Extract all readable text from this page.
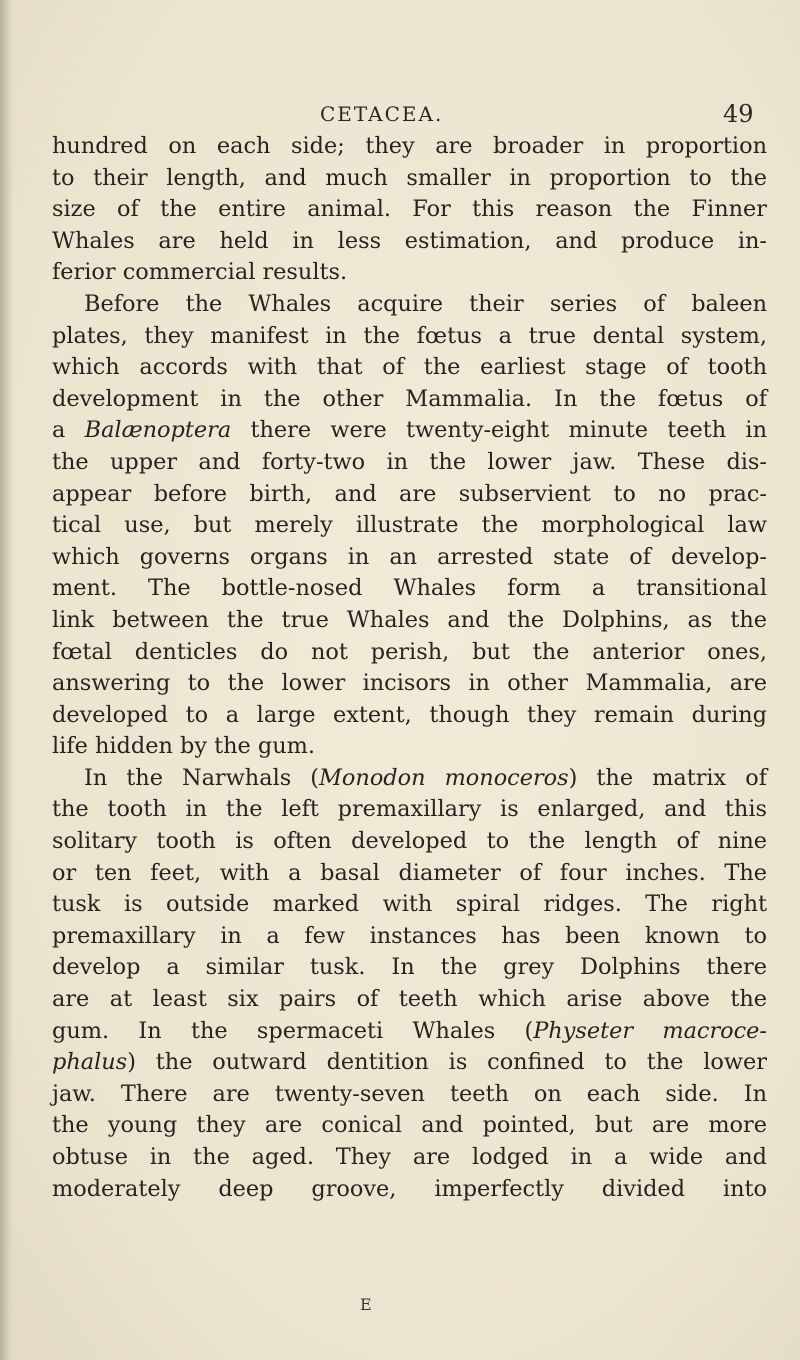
CETACEA.	49
hundred on each side; they are broader in proportion
to their length, and much smaller in proportion to the
size of the entire animal. For this reason the Finner
Whales are held in less estimation, and produce in-
ferior commercial results.
Before the Whales acquire their series of baleen
plates, they manifest in the fœtus a true dental system,
which accords with that of the earliest stage of tooth
development in the other Mammalia. In the fœtus of
a Balænoptera there were twenty-eight minute teeth in
the upper and forty-two in the lower jaw. These dis-
appear before birth, and are subservient to no prac-
tical use, but merely illustrate the morphological law
which governs organs in an arrested state of develop-
ment. The bottle-nosed Whales form a transitional
link between the true Whales and the Dolphins, as the
fœtal denticles do not perish, but the anterior ones,
answering to the lower incisors in other Mammalia, are
developed to a large extent, though they remain during
life hidden by the gum.
In the Narwhals (Monodon monoceros) the matrix of
the tooth in the left premaxillary is enlarged, and this
solitary tooth is often developed to the length of nine
or ten feet, with a basal diameter of four inches. The
tusk is outside marked with spiral ridges. The right
premaxillary in a few instances has been known to
develop a similar tusk. In the grey Dolphins there
are at least six pairs of teeth which arise above the
gum. In the spermaceti Whales (Physeter macroce-
phalus) the outward dentition is confined to the lower
jaw. There are twenty-seven teeth on each side. In
the young they are conical and pointed, but are more
obtuse in the aged. They are lodged in a wide and
moderately deep groove, imperfectly divided into
E
